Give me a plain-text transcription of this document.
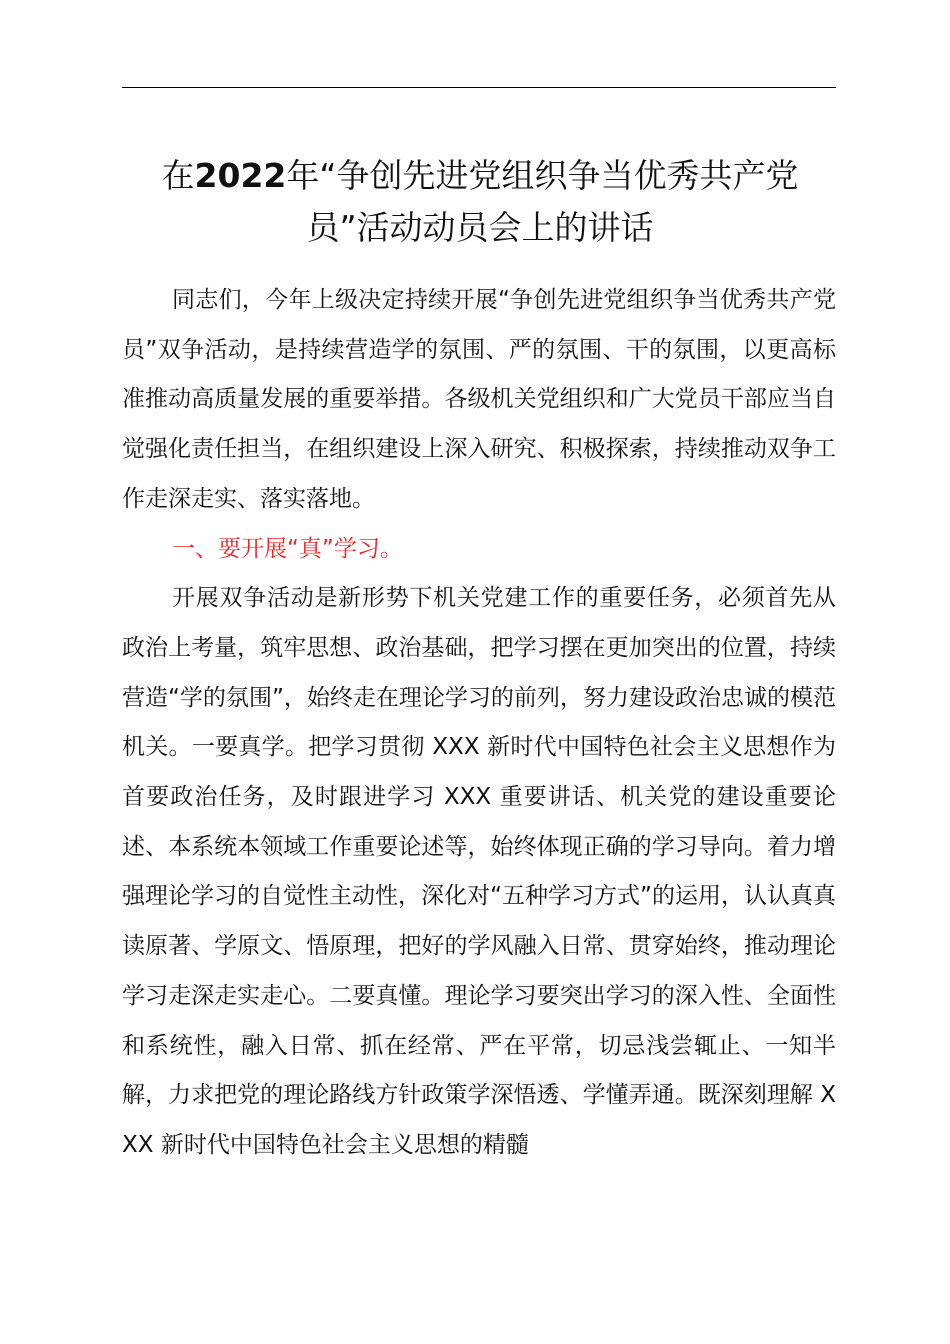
在2022年“争创先进党组织争当优秀共产党
员”活动动员会上的讲话

同志们，今年上级决定持续开展“争创先进党组织争当优秀共产党员”双争活动，是持续营造学的氛围、严的氛围、干的氛围，以更高标准推动高质量发展的重要举措。各级机关党组织和广大党员干部应当自觉强化责任担当，在组织建设上深入研究、积极探索，持续推动双争工作走深走实、落实落地。

一、要开展“真”学习。

开展双争活动是新形势下机关党建工作的重要任务，必须首先从政治上考量，筑牢思想、政治基础，把学习摆在更加突出的位置，持续营造“学的氛围”，始终走在理论学习的前列，努力建设政治忠诚的模范机关。一要真学。把学习贯彻 XXX 新时代中国特色社会主义思想作为首要政治任务，及时跟进学习 XXX 重要讲话、机关党的建设重要论述、本系统本领域工作重要论述等，始终体现正确的学习导向。着力增强理论学习的自觉性主动性，深化对“五种学习方式”的运用，认认真真读原著、学原文、悟原理，把好的学风融入日常、贯穿始终，推动理论学习走深走实走心。二要真懂。理论学习要突出学习的深入性、全面性和系统性，融入日常、抓在经常、严在平常，切忌浅尝辄止、一知半解，力求把党的理论路线方针政策学深悟透、学懂弄通。既深刻理解 XXX 新时代中国特色社会主义思想的精髓
